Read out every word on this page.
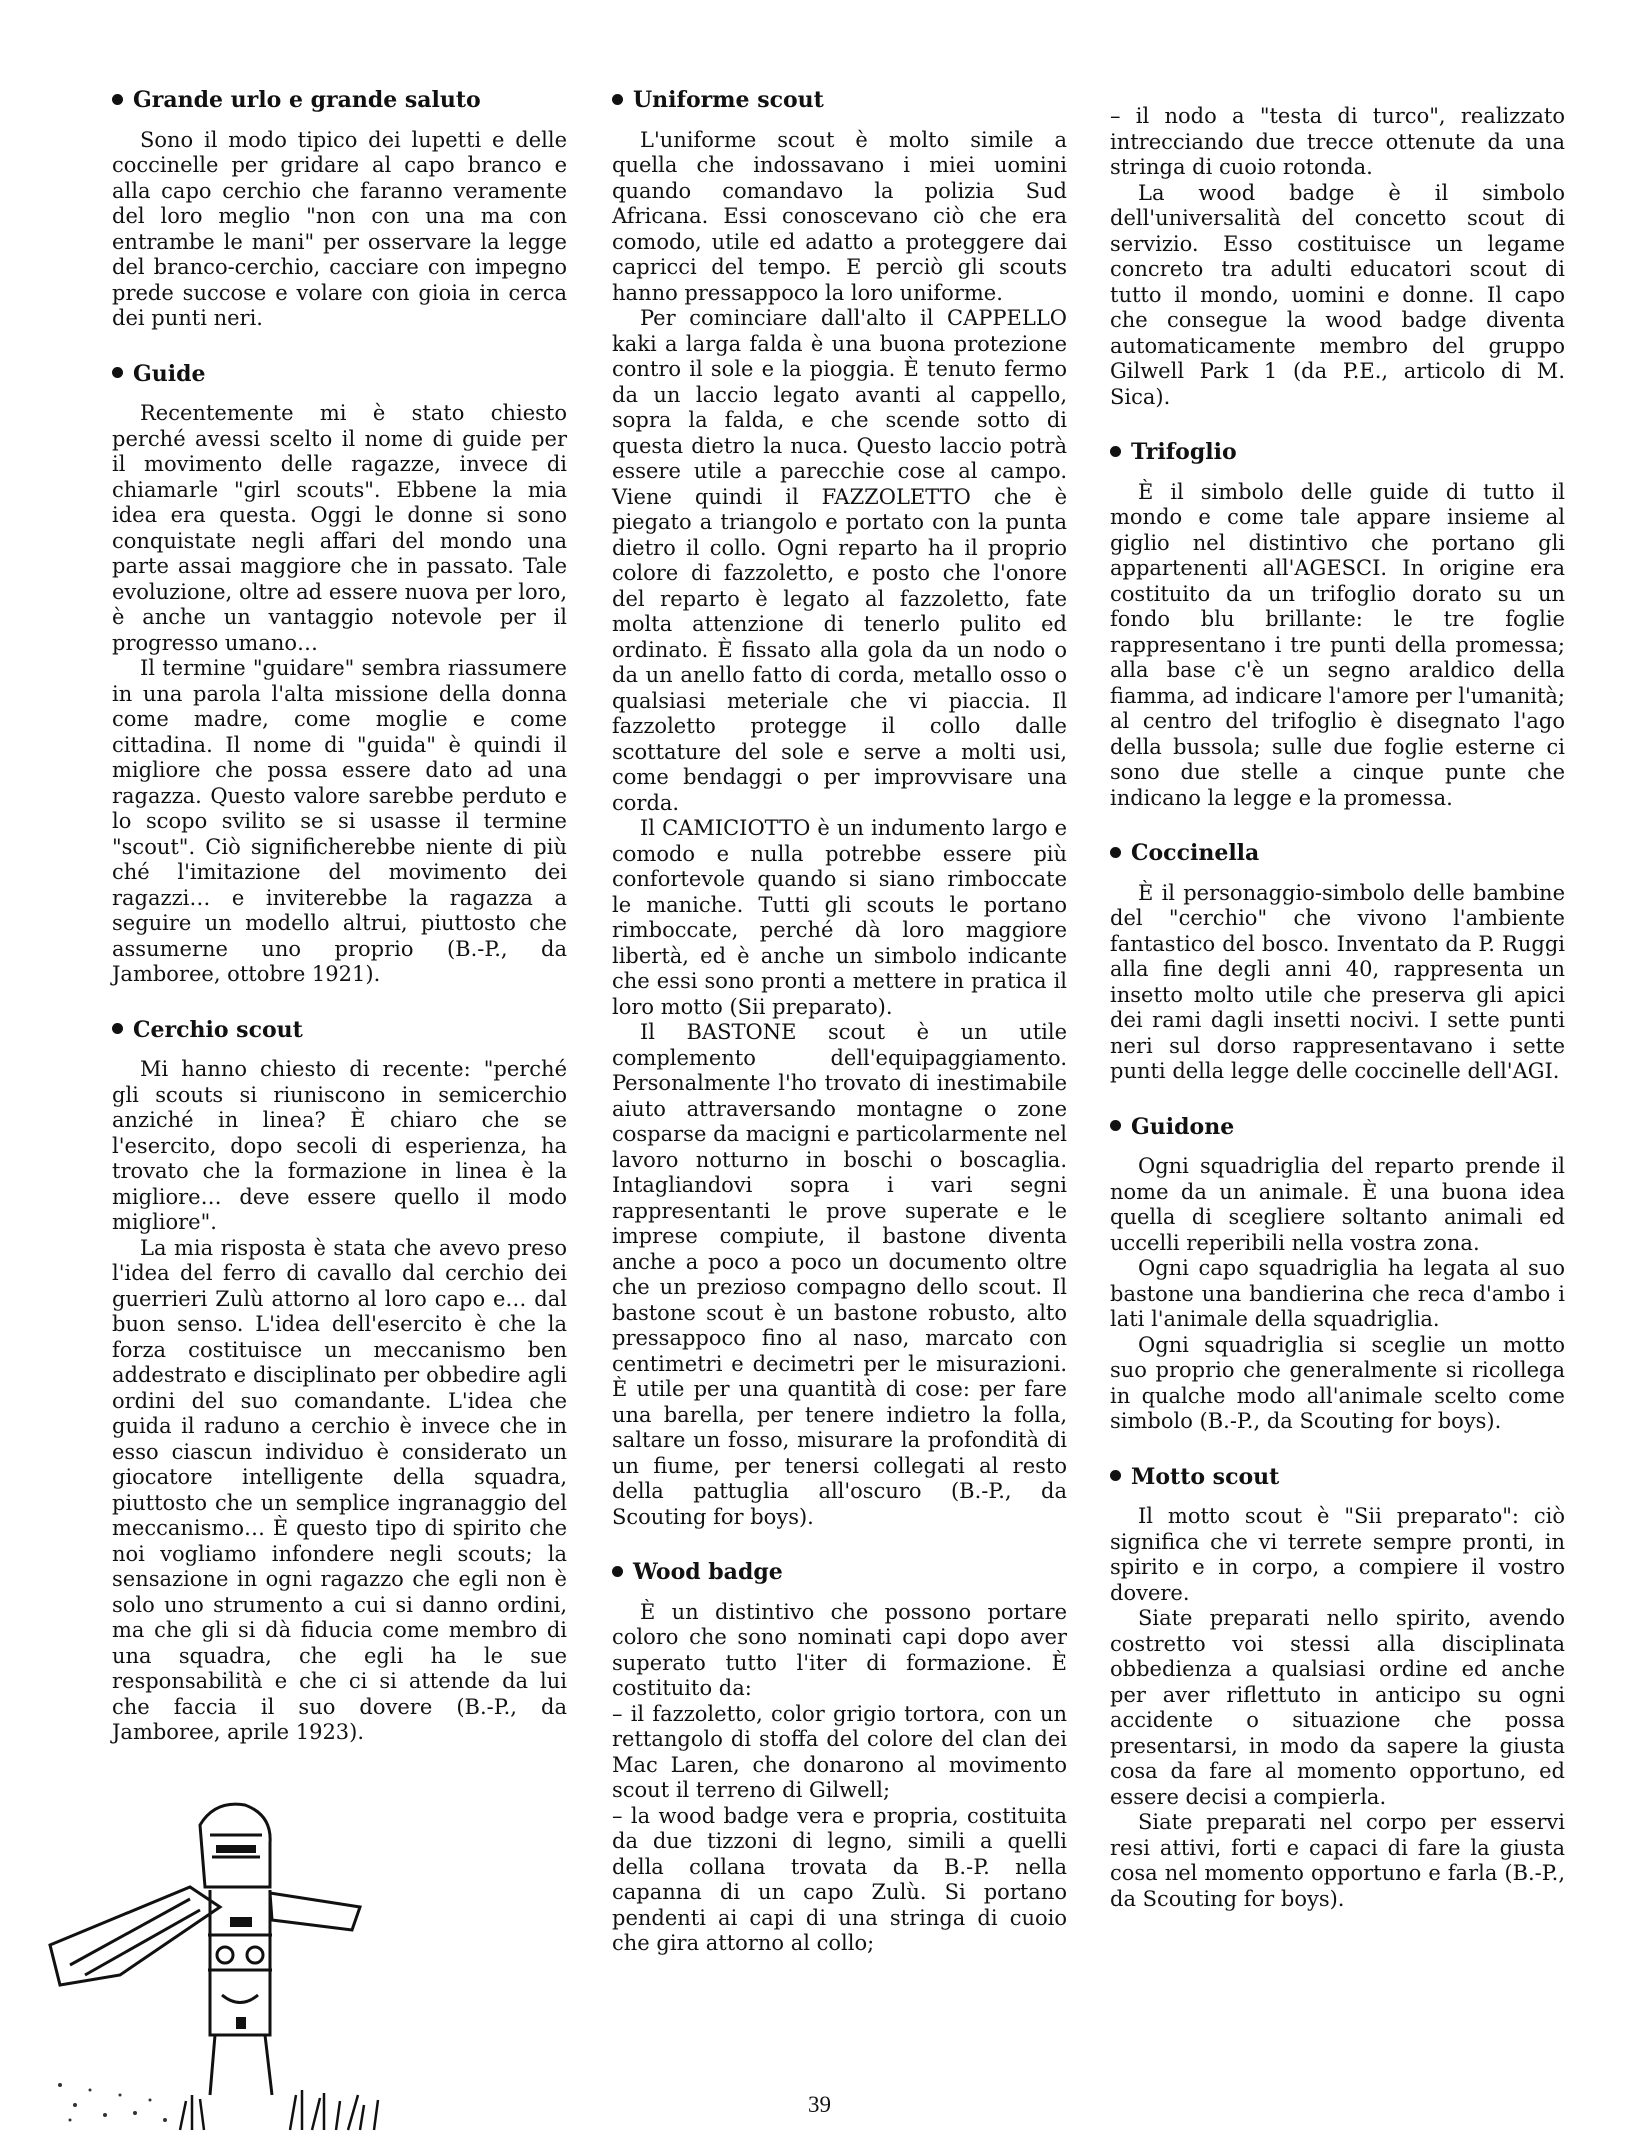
Grande urlo e grande saluto

Sono il modo tipico dei lupetti e delle coccinelle per gridare al capo branco e alla capo cerchio che faranno veramente del loro meglio "non con una ma con entrambe le mani" per osservare la legge del branco-cerchio, cacciare con impegno prede succose e volare con gioia in cerca dei punti neri.

Guide

Recentemente mi è stato chiesto perché avessi scelto il nome di guide per il movimento delle ragazze, invece di chiamarle "girl scouts". Ebbene la mia idea era questa. Oggi le donne si sono conquistate negli affari del mondo una parte assai maggiore che in passato. Tale evoluzione, oltre ad essere nuova per loro, è anche un vantaggio notevole per il progresso umano…

Il termine "guidare" sembra riassumere in una parola l'alta missione della donna come madre, come moglie e come cittadina. Il nome di "guida" è quindi il migliore che possa essere dato ad una ragazza. Questo valore sarebbe perduto e lo scopo svilito se si usasse il termine "scout". Ciò significherebbe niente di più ché l'imitazione del movimento dei ragazzi… e inviterebbe la ragazza a seguire un modello altrui, piuttosto che assumerne uno proprio (B.-P., da Jamboree, ottobre 1921).

Cerchio scout

Mi hanno chiesto di recente: "perché gli scouts si riuniscono in semicerchio anziché in linea? È chiaro che se l'esercito, dopo secoli di esperienza, ha trovato che la formazione in linea è la migliore… deve essere quello il modo migliore".

La mia risposta è stata che avevo preso l'idea del ferro di cavallo dal cerchio dei guerrieri Zulù attorno al loro capo e… dal buon senso. L'idea dell'esercito è che la forza costituisce un meccanismo ben addestrato e disciplinato per obbedire agli ordini del suo comandante. L'idea che guida il raduno a cerchio è invece che in esso ciascun individuo è considerato un giocatore intelligente della squadra, piuttosto che un semplice ingranaggio del meccanismo… È questo tipo di spirito che noi vogliamo infondere negli scouts; la sensazione in ogni ragazzo che egli non è solo uno strumento a cui si danno ordini, ma che gli si dà fiducia come membro di una squadra, che egli ha le sue responsabilità e che ci si attende da lui che faccia il suo dovere (B.-P., da Jamboree, aprile 1923).

Uniforme scout

L'uniforme scout è molto simile a quella che indossavano i miei uomini quando comandavo la polizia Sud Africana. Essi conoscevano ciò che era comodo, utile ed adatto a proteggere dai capricci del tempo. E perciò gli scouts hanno pressappoco la loro uniforme.

Per cominciare dall'alto il CAPPELLO kaki a larga falda è una buona protezione contro il sole e la pioggia. È tenuto fermo da un laccio legato avanti al cappello, sopra la falda, e che scende sotto di questa dietro la nuca. Questo laccio potrà essere utile a parecchie cose al campo. Viene quindi il FAZZOLETTO che è piegato a triangolo e portato con la punta dietro il collo. Ogni reparto ha il proprio colore di fazzoletto, e posto che l'onore del reparto è legato al fazzoletto, fate molta attenzione di tenerlo pulito ed ordinato. È fissato alla gola da un nodo o da un anello fatto di corda, metallo osso o qualsiasi meteriale che vi piaccia. Il fazzoletto protegge il collo dalle scottature del sole e serve a molti usi, come bendaggi o per improvvisare una corda.

Il CAMICIOTTO è un indumento largo e comodo e nulla potrebbe essere più confortevole quando si siano rimboccate le maniche. Tutti gli scouts le portano rimboccate, perché dà loro maggiore libertà, ed è anche un simbolo indicante che essi sono pronti a mettere in pratica il loro motto (Sii preparato).

Il BASTONE scout è un utile complemento dell'equipaggiamento. Personalmente l'ho trovato di inestimabile aiuto attraversando montagne o zone cosparse da macigni e particolarmente nel lavoro notturno in boschi o boscaglia. Intagliandovi sopra i vari segni rappresentanti le prove superate e le imprese compiute, il bastone diventa anche a poco a poco un documento oltre che un prezioso compagno dello scout. Il bastone scout è un bastone robusto, alto pressappoco fino al naso, marcato con centimetri e decimetri per le misurazioni. È utile per una quantità di cose: per fare una barella, per tenere indietro la folla, saltare un fosso, misurare la profondità di un fiume, per tenersi collegati al resto della pattuglia all'oscuro (B.-P., da Scouting for boys).

Wood badge

È un distintivo che possono portare coloro che sono nominati capi dopo aver superato tutto l'iter di formazione. È costituito da:

– il fazzoletto, color grigio tortora, con un rettangolo di stoffa del colore del clan dei Mac Laren, che donarono al movimento scout il terreno di Gilwell;

– la wood badge vera e propria, costituita da due tizzoni di legno, simili a quelli della collana trovata da B.-P. nella capanna di un capo Zulù. Si portano pendenti ai capi di una stringa di cuoio che gira attorno al collo;

– il nodo a "testa di turco", realizzato intrecciando due trecce ottenute da una stringa di cuoio rotonda.

La wood badge è il simbolo dell'universalità del concetto scout di servizio. Esso costituisce un legame concreto tra adulti educatori scout di tutto il mondo, uomini e donne. Il capo che consegue la wood badge diventa automaticamente membro del gruppo Gilwell Park 1 (da P.E., articolo di M. Sica).

Trifoglio

È il simbolo delle guide di tutto il mondo e come tale appare insieme al giglio nel distintivo che portano gli appartenenti all'AGESCI. In origine era costituito da un trifoglio dorato su un fondo blu brillante: le tre foglie rappresentano i tre punti della promessa; alla base c'è un segno araldico della fiamma, ad indicare l'amore per l'umanità; al centro del trifoglio è disegnato l'ago della bussola; sulle due foglie esterne ci sono due stelle a cinque punte che indicano la legge e la promessa.

Coccinella

È il personaggio-simbolo delle bambine del "cerchio" che vivono l'ambiente fantastico del bosco. Inventato da P. Ruggi alla fine degli anni 40, rappresenta un insetto molto utile che preserva gli apici dei rami dagli insetti nocivi. I sette punti neri sul dorso rappresentavano i sette punti della legge delle coccinelle dell'AGI.

Guidone

Ogni squadriglia del reparto prende il nome da un animale. È una buona idea quella di scegliere soltanto animali ed uccelli reperibili nella vostra zona.

Ogni capo squadriglia ha legata al suo bastone una bandierina che reca d'ambo i lati l'animale della squadriglia.

Ogni squadriglia si sceglie un motto suo proprio che generalmente si ricollega in qualche modo all'animale scelto come simbolo (B.-P., da Scouting for boys).

Motto scout

Il motto scout è "Sii preparato": ciò significa che vi terrete sempre pronti, in spirito e in corpo, a compiere il vostro dovere.

Siate preparati nello spirito, avendo costretto voi stessi alla disciplinata obbedienza a qualsiasi ordine ed anche per aver riflettuto in anticipo su ogni accidente o situazione che possa presentarsi, in modo da sapere la giusta cosa da fare al momento opportuno, ed essere decisi a compierla.

Siate preparati nel corpo per esservi resi attivi, forti e capaci di fare la giusta cosa nel momento opportuno e farla (B.-P., da Scouting for boys).

39
